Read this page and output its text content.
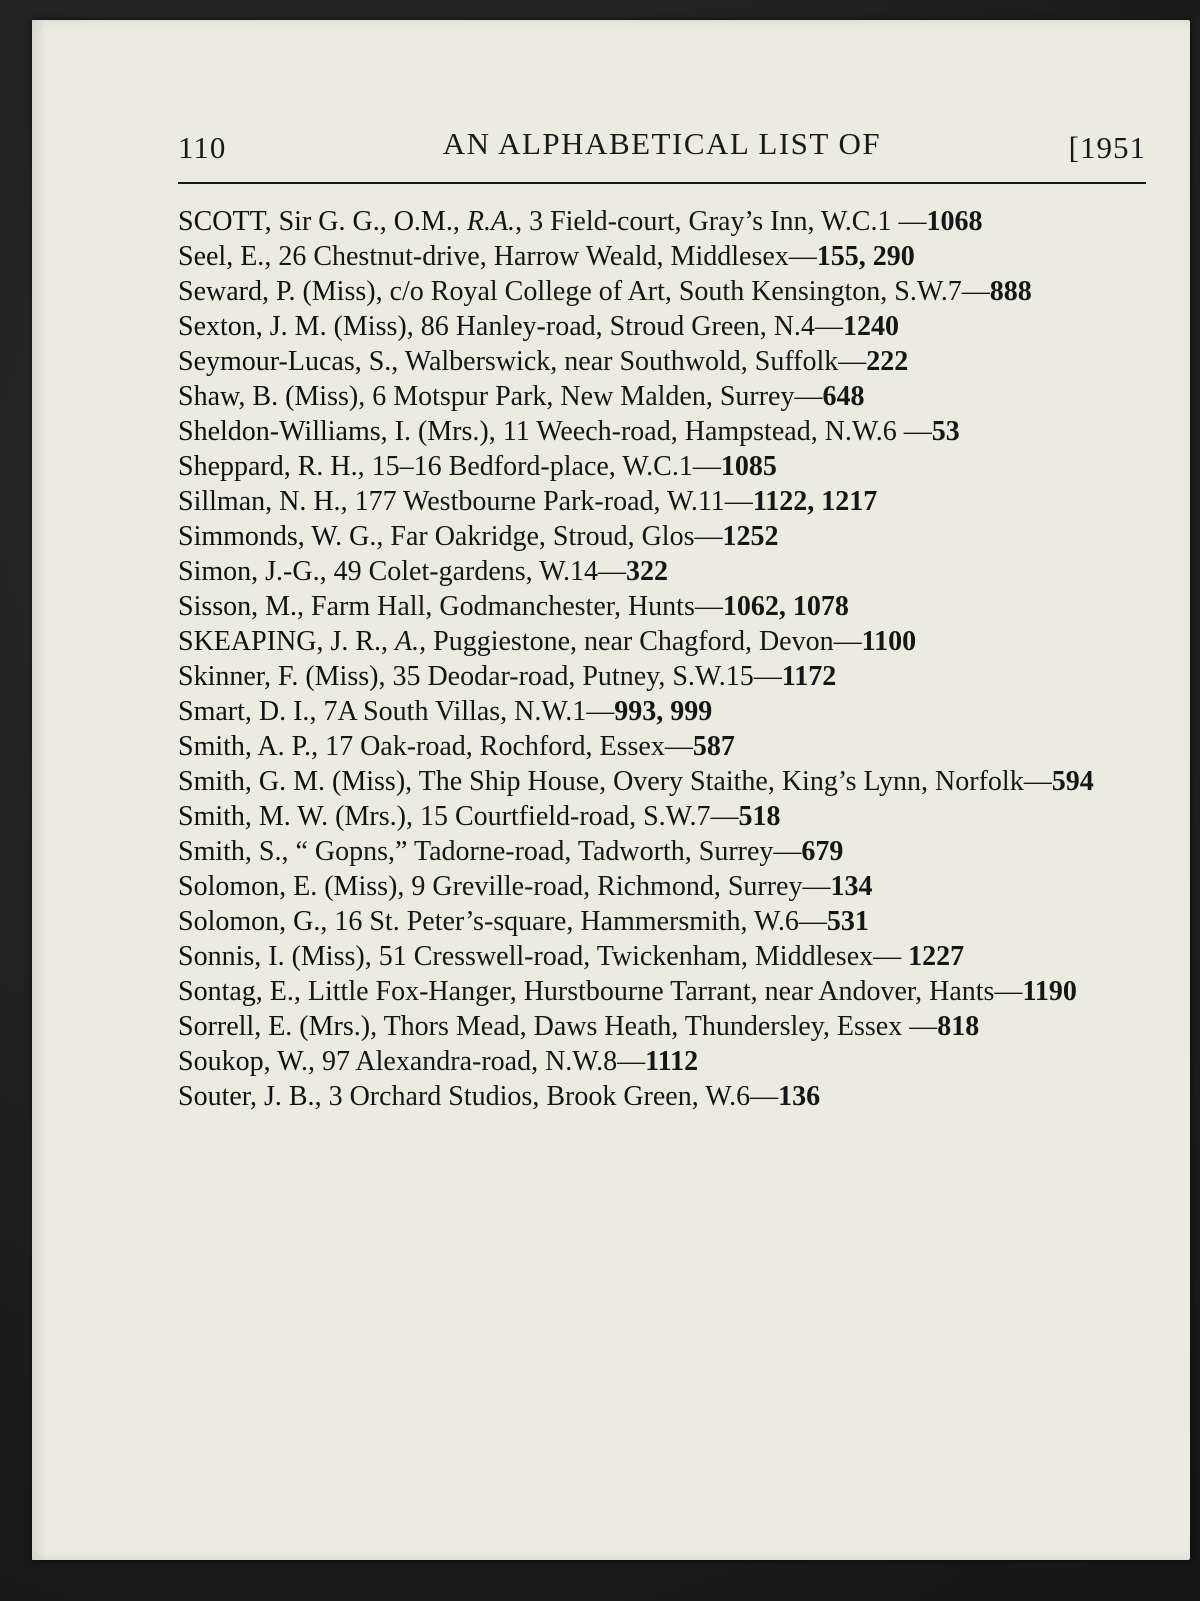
110	AN ALPHABETICAL LIST OF	[1951
SCOTT, Sir G. G., O.M., R.A., 3 Field-court, Gray’s Inn, W.C.1 —1068
Seel, E., 26 Chestnut-drive, Harrow Weald, Middlesex—155, 290
Seward, P. (Miss), c/o Royal College of Art, South Kensington, S.W.7—888
Sexton, J. M. (Miss), 86 Hanley-road, Stroud Green, N.4—1240
Seymour-Lucas, S., Walberswick, near Southwold, Suffolk—222
Shaw, B. (Miss), 6 Motspur Park, New Malden, Surrey—648
Sheldon-Williams, I. (Mrs.), 11 Weech-road, Hampstead, N.W.6 —53
Sheppard, R. H., 15–16 Bedford-place, W.C.1—1085
Sillman, N. H., 177 Westbourne Park-road, W.11—1122, 1217
Simmonds, W. G., Far Oakridge, Stroud, Glos—1252
Simon, J.-G., 49 Colet-gardens, W.14—322
Sisson, M., Farm Hall, Godmanchester, Hunts—1062, 1078
SKEAPING, J. R., A., Puggiestone, near Chagford, Devon—1100
Skinner, F. (Miss), 35 Deodar-road, Putney, S.W.15—1172
Smart, D. I., 7A South Villas, N.W.1—993, 999
Smith, A. P., 17 Oak-road, Rochford, Essex—587
Smith, G. M. (Miss), The Ship House, Overy Staithe, King’s Lynn, Norfolk—594
Smith, M. W. (Mrs.), 15 Courtfield-road, S.W.7—518
Smith, S., “ Gopns,” Tadorne-road, Tadworth, Surrey—679
Solomon, E. (Miss), 9 Greville-road, Richmond, Surrey—134
Solomon, G., 16 St. Peter’s-square, Hammersmith, W.6—531
Sonnis, I. (Miss), 51 Cresswell-road, Twickenham, Middlesex— 1227
Sontag, E., Little Fox-Hanger, Hurstbourne Tarrant, near Andover, Hants—1190
Sorrell, E. (Mrs.), Thors Mead, Daws Heath, Thundersley, Essex —818
Soukop, W., 97 Alexandra-road, N.W.8—1112
Souter, J. B., 3 Orchard Studios, Brook Green, W.6—136
